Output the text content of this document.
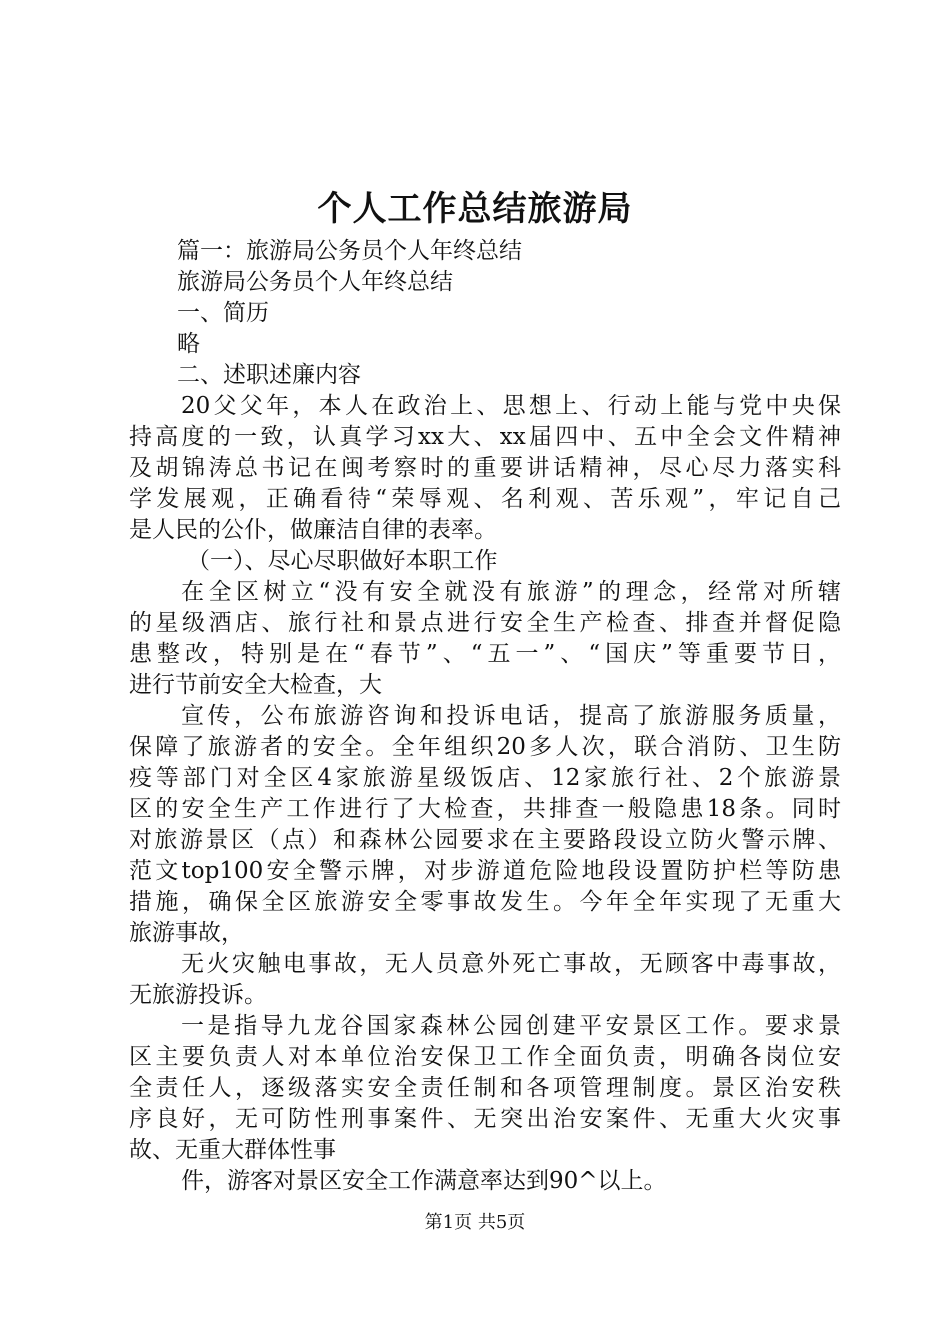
个人工作总结旅游局
篇一：旅游局公务员个人年终总结
旅游局公务员个人年终总结
一、简历
略
二、述职述廉内容
20父父年，本人在政治上、思想上、行动上能与党中央保
持高度的一致，认真学习xx大、xx届四中、五中全会文件精神
及胡锦涛总书记在闽考察时的重要讲话精神，尽心尽力落实科
学发展观，正确看待“荣辱观、名利观、苦乐观”，牢记自己
是人民的公仆，做廉洁自律的表率。
（一）、尽心尽职做好本职工作
在全区树立“没有安全就没有旅游”的理念，经常对所辖
的星级酒店、旅行社和景点进行安全生产检查、排查并督促隐
患整改，特别是在“春节”、“五一”、“国庆”等重要节日，
进行节前安全大检查，大
宣传，公布旅游咨询和投诉电话，提高了旅游服务质量，
保障了旅游者的安全。全年组织20多人次，联合消防、卫生防
疫等部门对全区4家旅游星级饭店、12家旅行社、2个旅游景
区的安全生产工作进行了大检查，共排查一般隐患18条。同时
对旅游景区（点）和森林公园要求在主要路段设立防火警示牌、
范文top100安全警示牌，对步游道危险地段设置防护栏等防患
措施，确保全区旅游安全零事故发生。今年全年实现了无重大
旅游事故，
无火灾触电事故，无人员意外死亡事故，无顾客中毒事故，
无旅游投诉。
一是指导九龙谷国家森林公园创建平安景区工作。要求景
区主要负责人对本单位治安保卫工作全面负责，明确各岗位安
全责任人，逐级落实安全责任制和各项管理制度。景区治安秩
序良好，无可防性刑事案件、无突出治安案件、无重大火灾事
故、无重大群体性事
件，游客对景区安全工作满意率达到90^以上。
第1页 共5页
